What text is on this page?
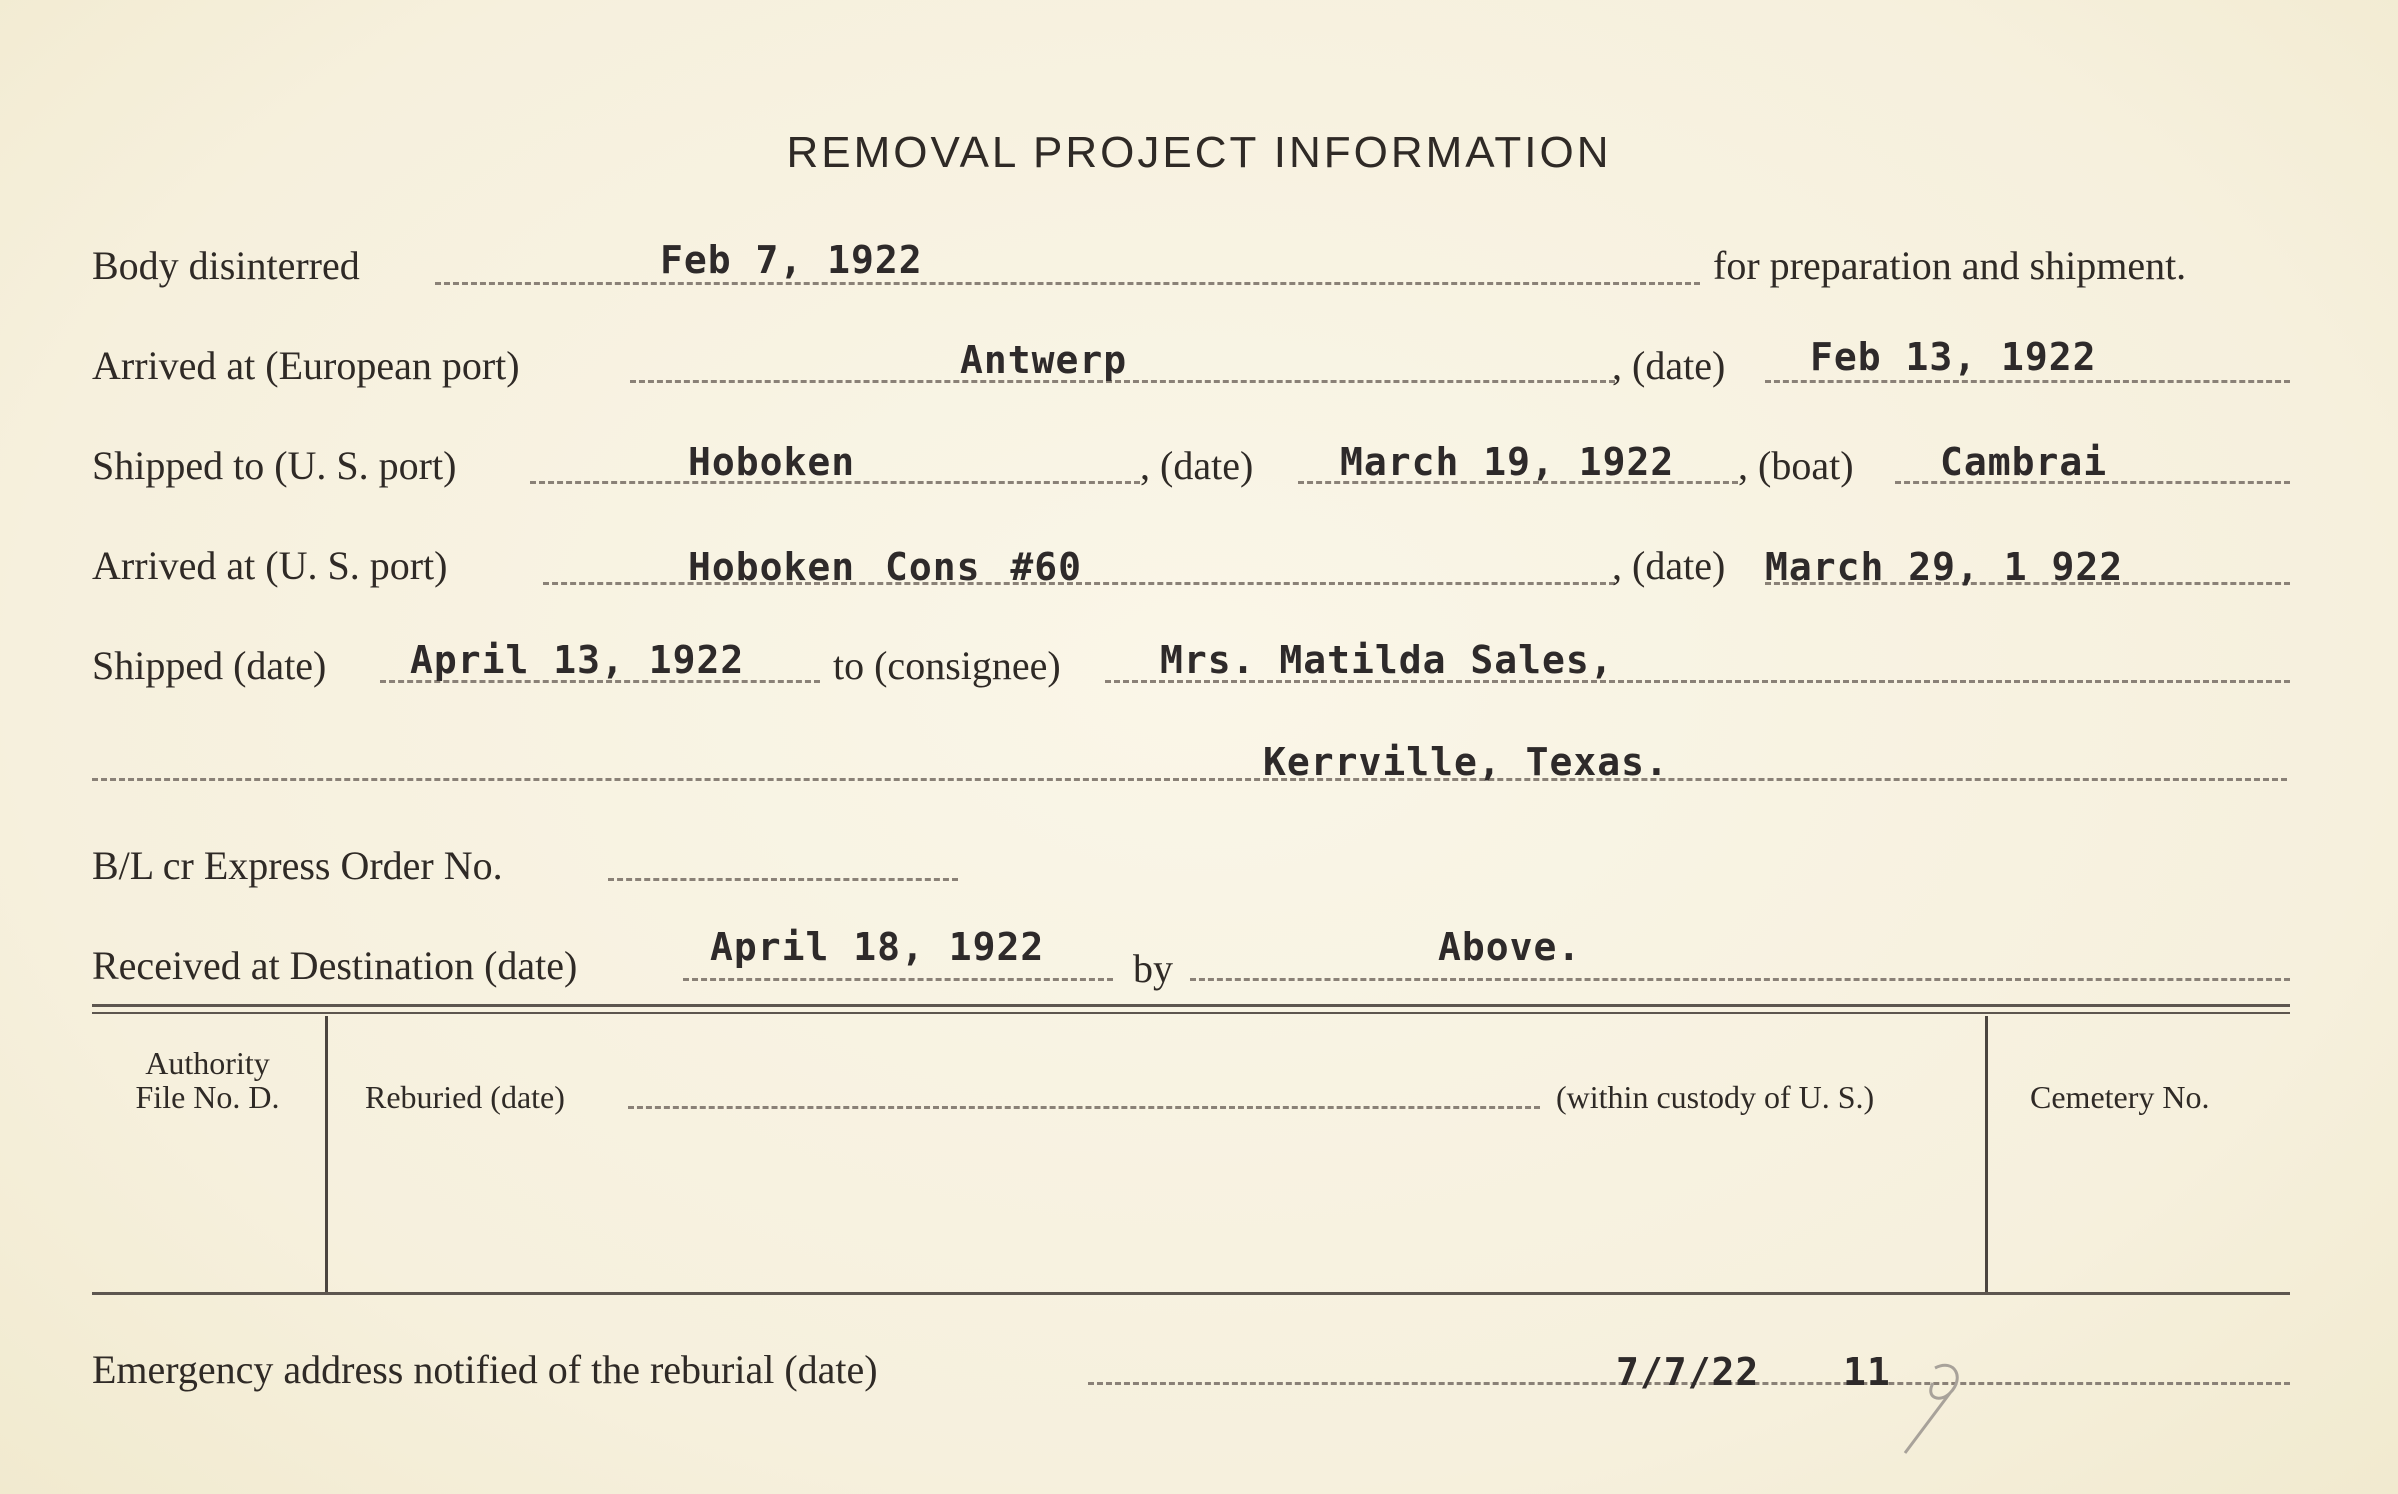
REMOVAL PROJECT INFORMATION
Body disinterred	Feb 7, 1922	for preparation and shipment.
Arrived at (European port)	Antwerp	, (date) Feb 13, 1922
Shipped to (U. S. port)	Hoboken	, (date) March 19, 1922 , (boat) Cambrai
Arrived at (U. S. port)	Hoboken Cons #60	, (date) March 29, 1 922
Shipped (date) April 13, 1922 to (consignee)	Mrs. Matilda Sales,
Kerrville, Texas.
B/L cr Express Order No.
Received at Destination (date)	April 18, 1922 by	Above.
Authority
File No. D.	Reburied (date)	(within custody of U. S.)	Cemetery No.
Emergency address notified of the reburial (date)	7/7/22 11
